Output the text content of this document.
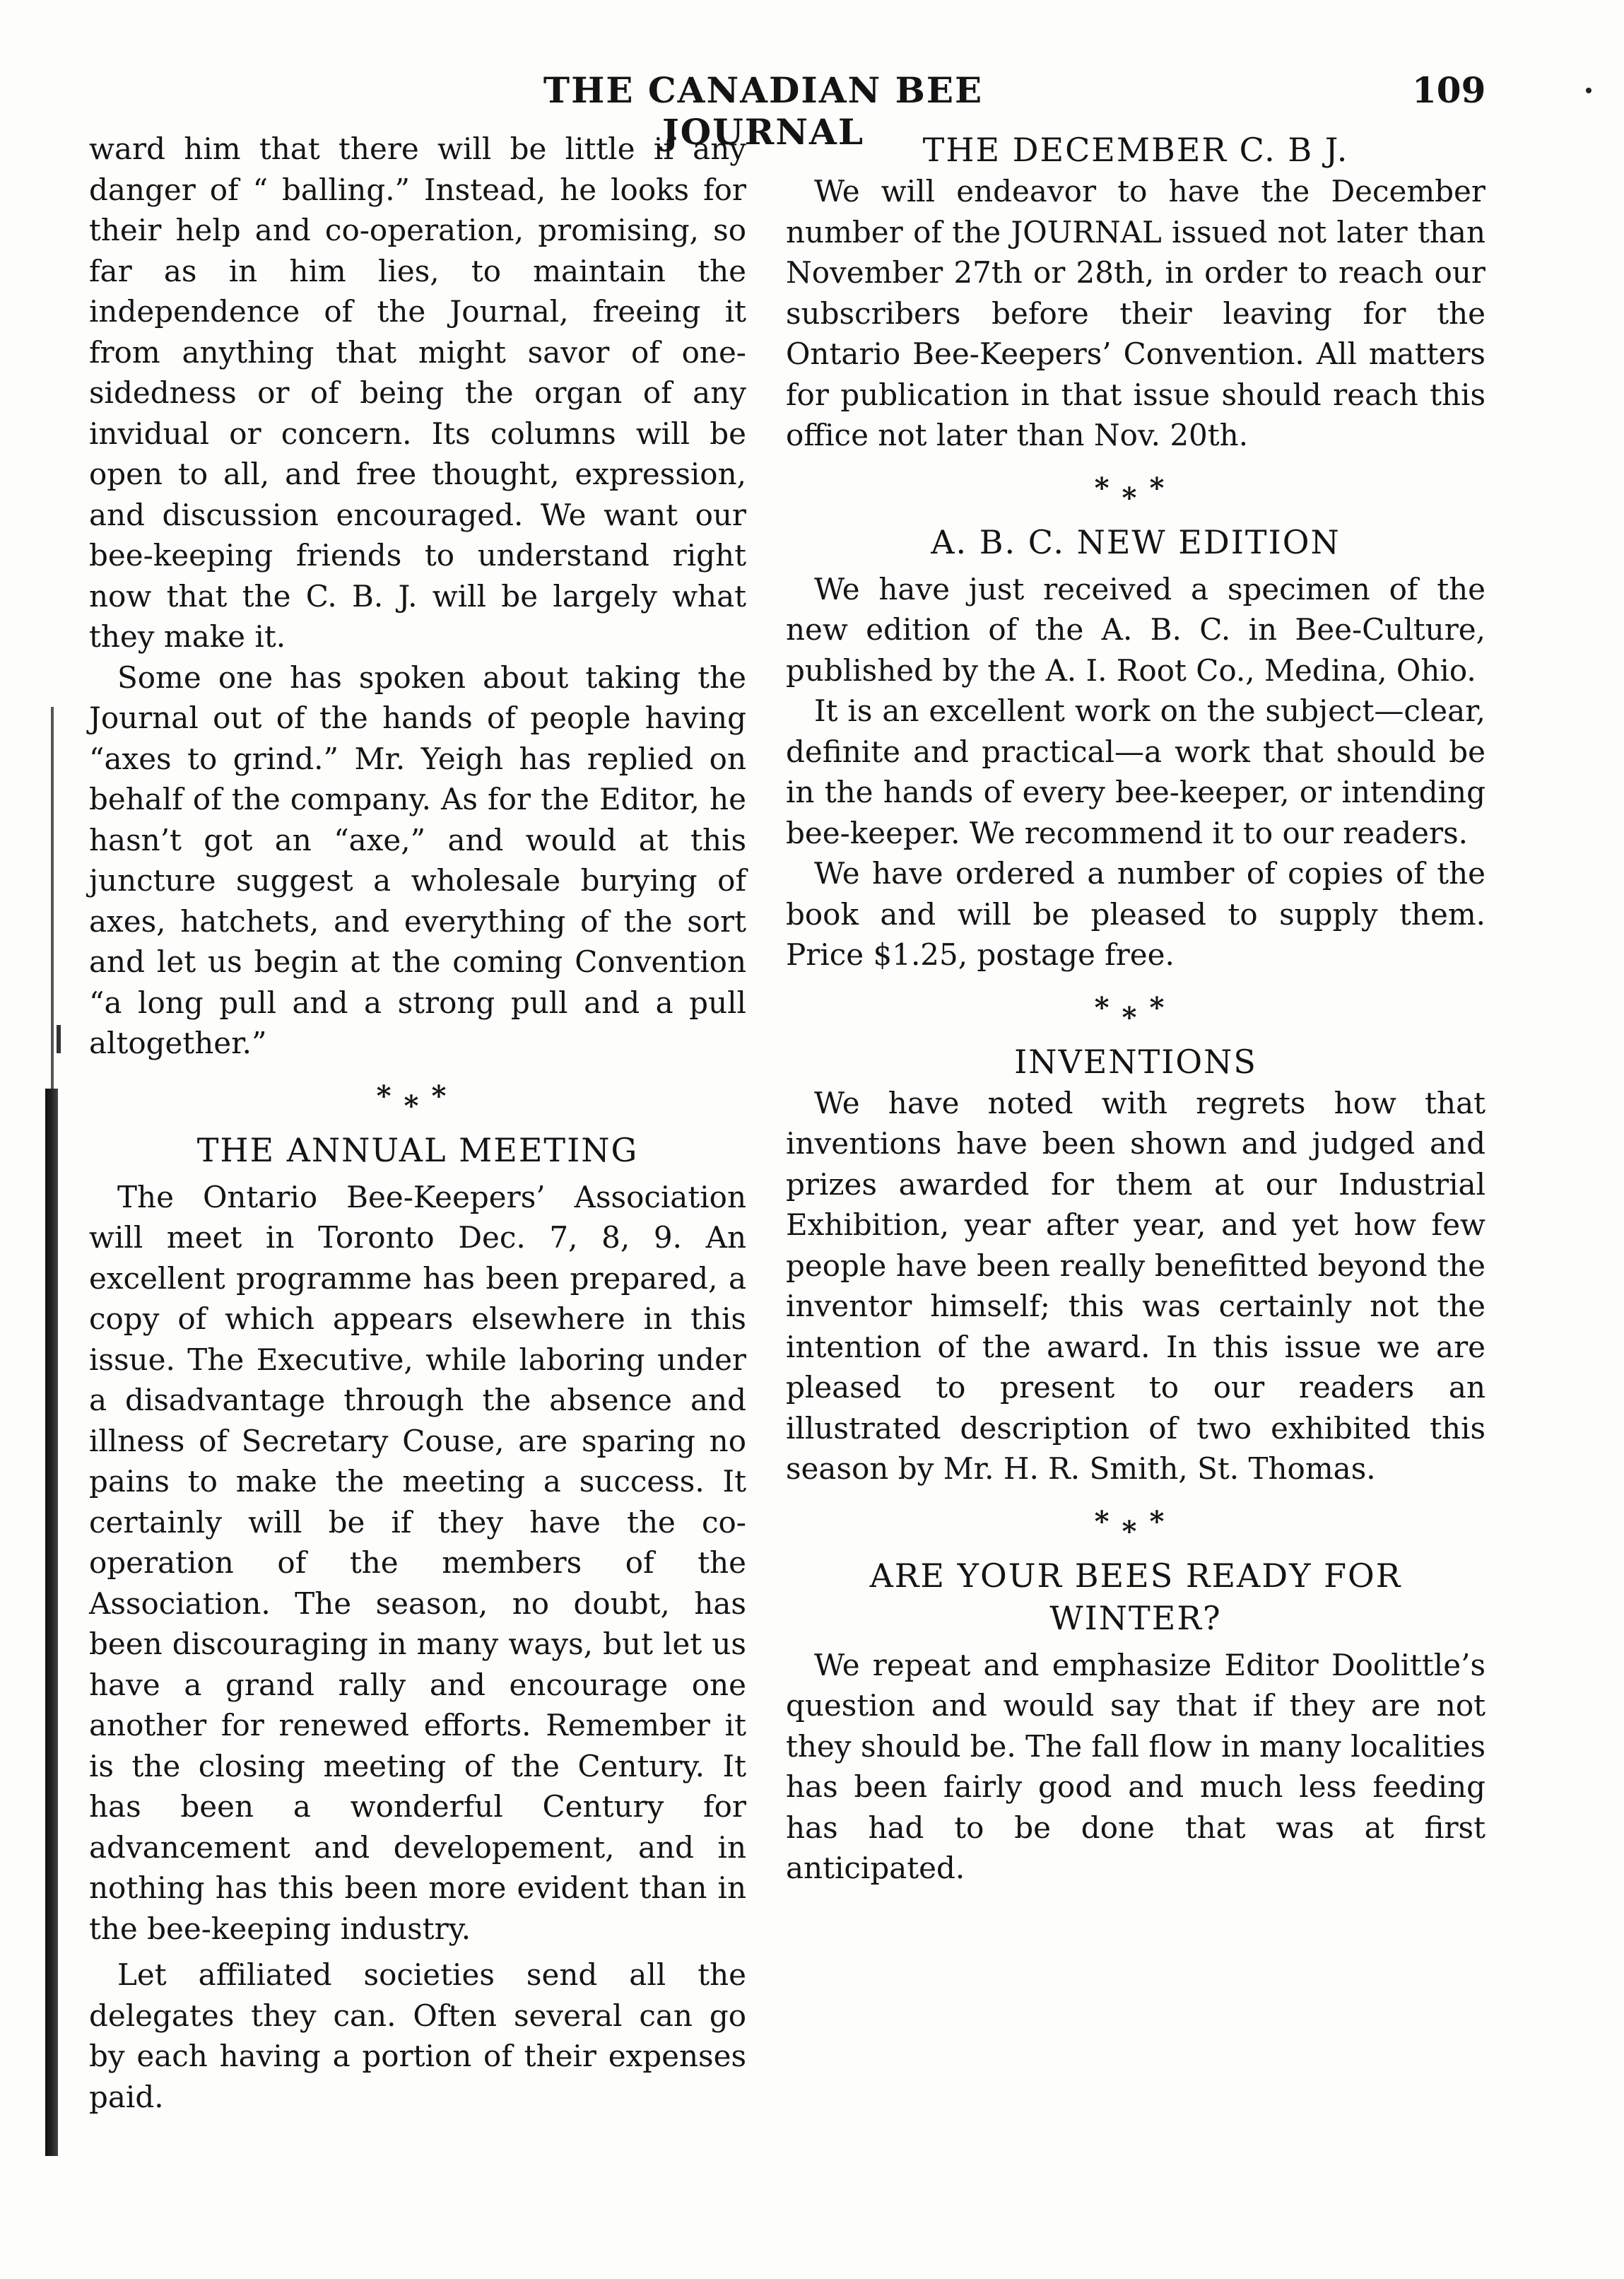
THE CANADIAN BEE JOURNAL
109

ward him that there will be little if any danger of “ balling.” Instead, he looks for their help and co-operation, promising, so far as in him lies, to maintain the independence of the Journal, freeing it from anything that might savor of one-sidedness or of being the organ of any invidual or concern. Its columns will be open to all, and free thought, expression, and discussion encouraged. We want our bee-keeping friends to understand right now that the C. B. J. will be largely what they make it.

Some one has spoken about taking the Journal out of the hands of people having “axes to grind.” Mr. Yeigh has replied on behalf of the company. As for the Editor, he hasn’t got an “axe,” and would at this juncture suggest a wholesale burying of axes, hatchets, and everything of the sort and let us begin at the coming Convention “a long pull and a strong pull and a pull altogether.”

* * *
THE ANNUAL MEETING

The Ontario Bee-Keepers’ Association will meet in Toronto Dec. 7, 8, 9. An excellent programme has been prepared, a copy of which appears elsewhere in this issue. The Executive, while laboring under a disadvantage through the absence and illness of Secretary Couse, are sparing no pains to make the meeting a success. It certainly will be if they have the co-operation of the members of the Association. The season, no doubt, has been discouraging in many ways, but let us have a grand rally and encourage one another for renewed efforts. Remember it is the closing meeting of the Century. It has been a wonderful Century for advancement and developement, and in nothing has this been more evident than in the bee-keeping industry.

Let affiliated societies send all the delegates they can. Often several can go by each having a portion of their expenses paid.

THE DECEMBER C. B J.

We will endeavor to have the December number of the JOURNAL issued not later than November 27th or 28th, in order to reach our subscribers before their leaving for the Ontario Bee-Keepers’ Convention. All matters for publication in that issue should reach this office not later than Nov. 20th.

* * *
A. B. C. NEW EDITION

We have just received a specimen of the new edition of the A. B. C. in Bee-Culture, published by the A. I. Root Co., Medina, Ohio.

It is an excellent work on the subject—clear, definite and practical—a work that should be in the hands of every bee-keeper, or intending bee-keeper. We recommend it to our readers.

We have ordered a number of copies of the book and will be pleased to supply them. Price $1.25, postage free.

* * *
INVENTIONS

We have noted with regrets how that inventions have been shown and judged and prizes awarded for them at our Industrial Exhibition, year after year, and yet how few people have been really benefitted beyond the inventor himself; this was certainly not the intention of the award. In this issue we are pleased to present to our readers an illustrated description of two exhibited this season by Mr. H. R. Smith, St. Thomas.

* * *
ARE YOUR BEES READY FOR WINTER?

We repeat and emphasize Editor Doolittle’s question and would say that if they are not they should be. The fall flow in many localities has been fairly good and much less feeding has had to be done that was at first anticipated.
